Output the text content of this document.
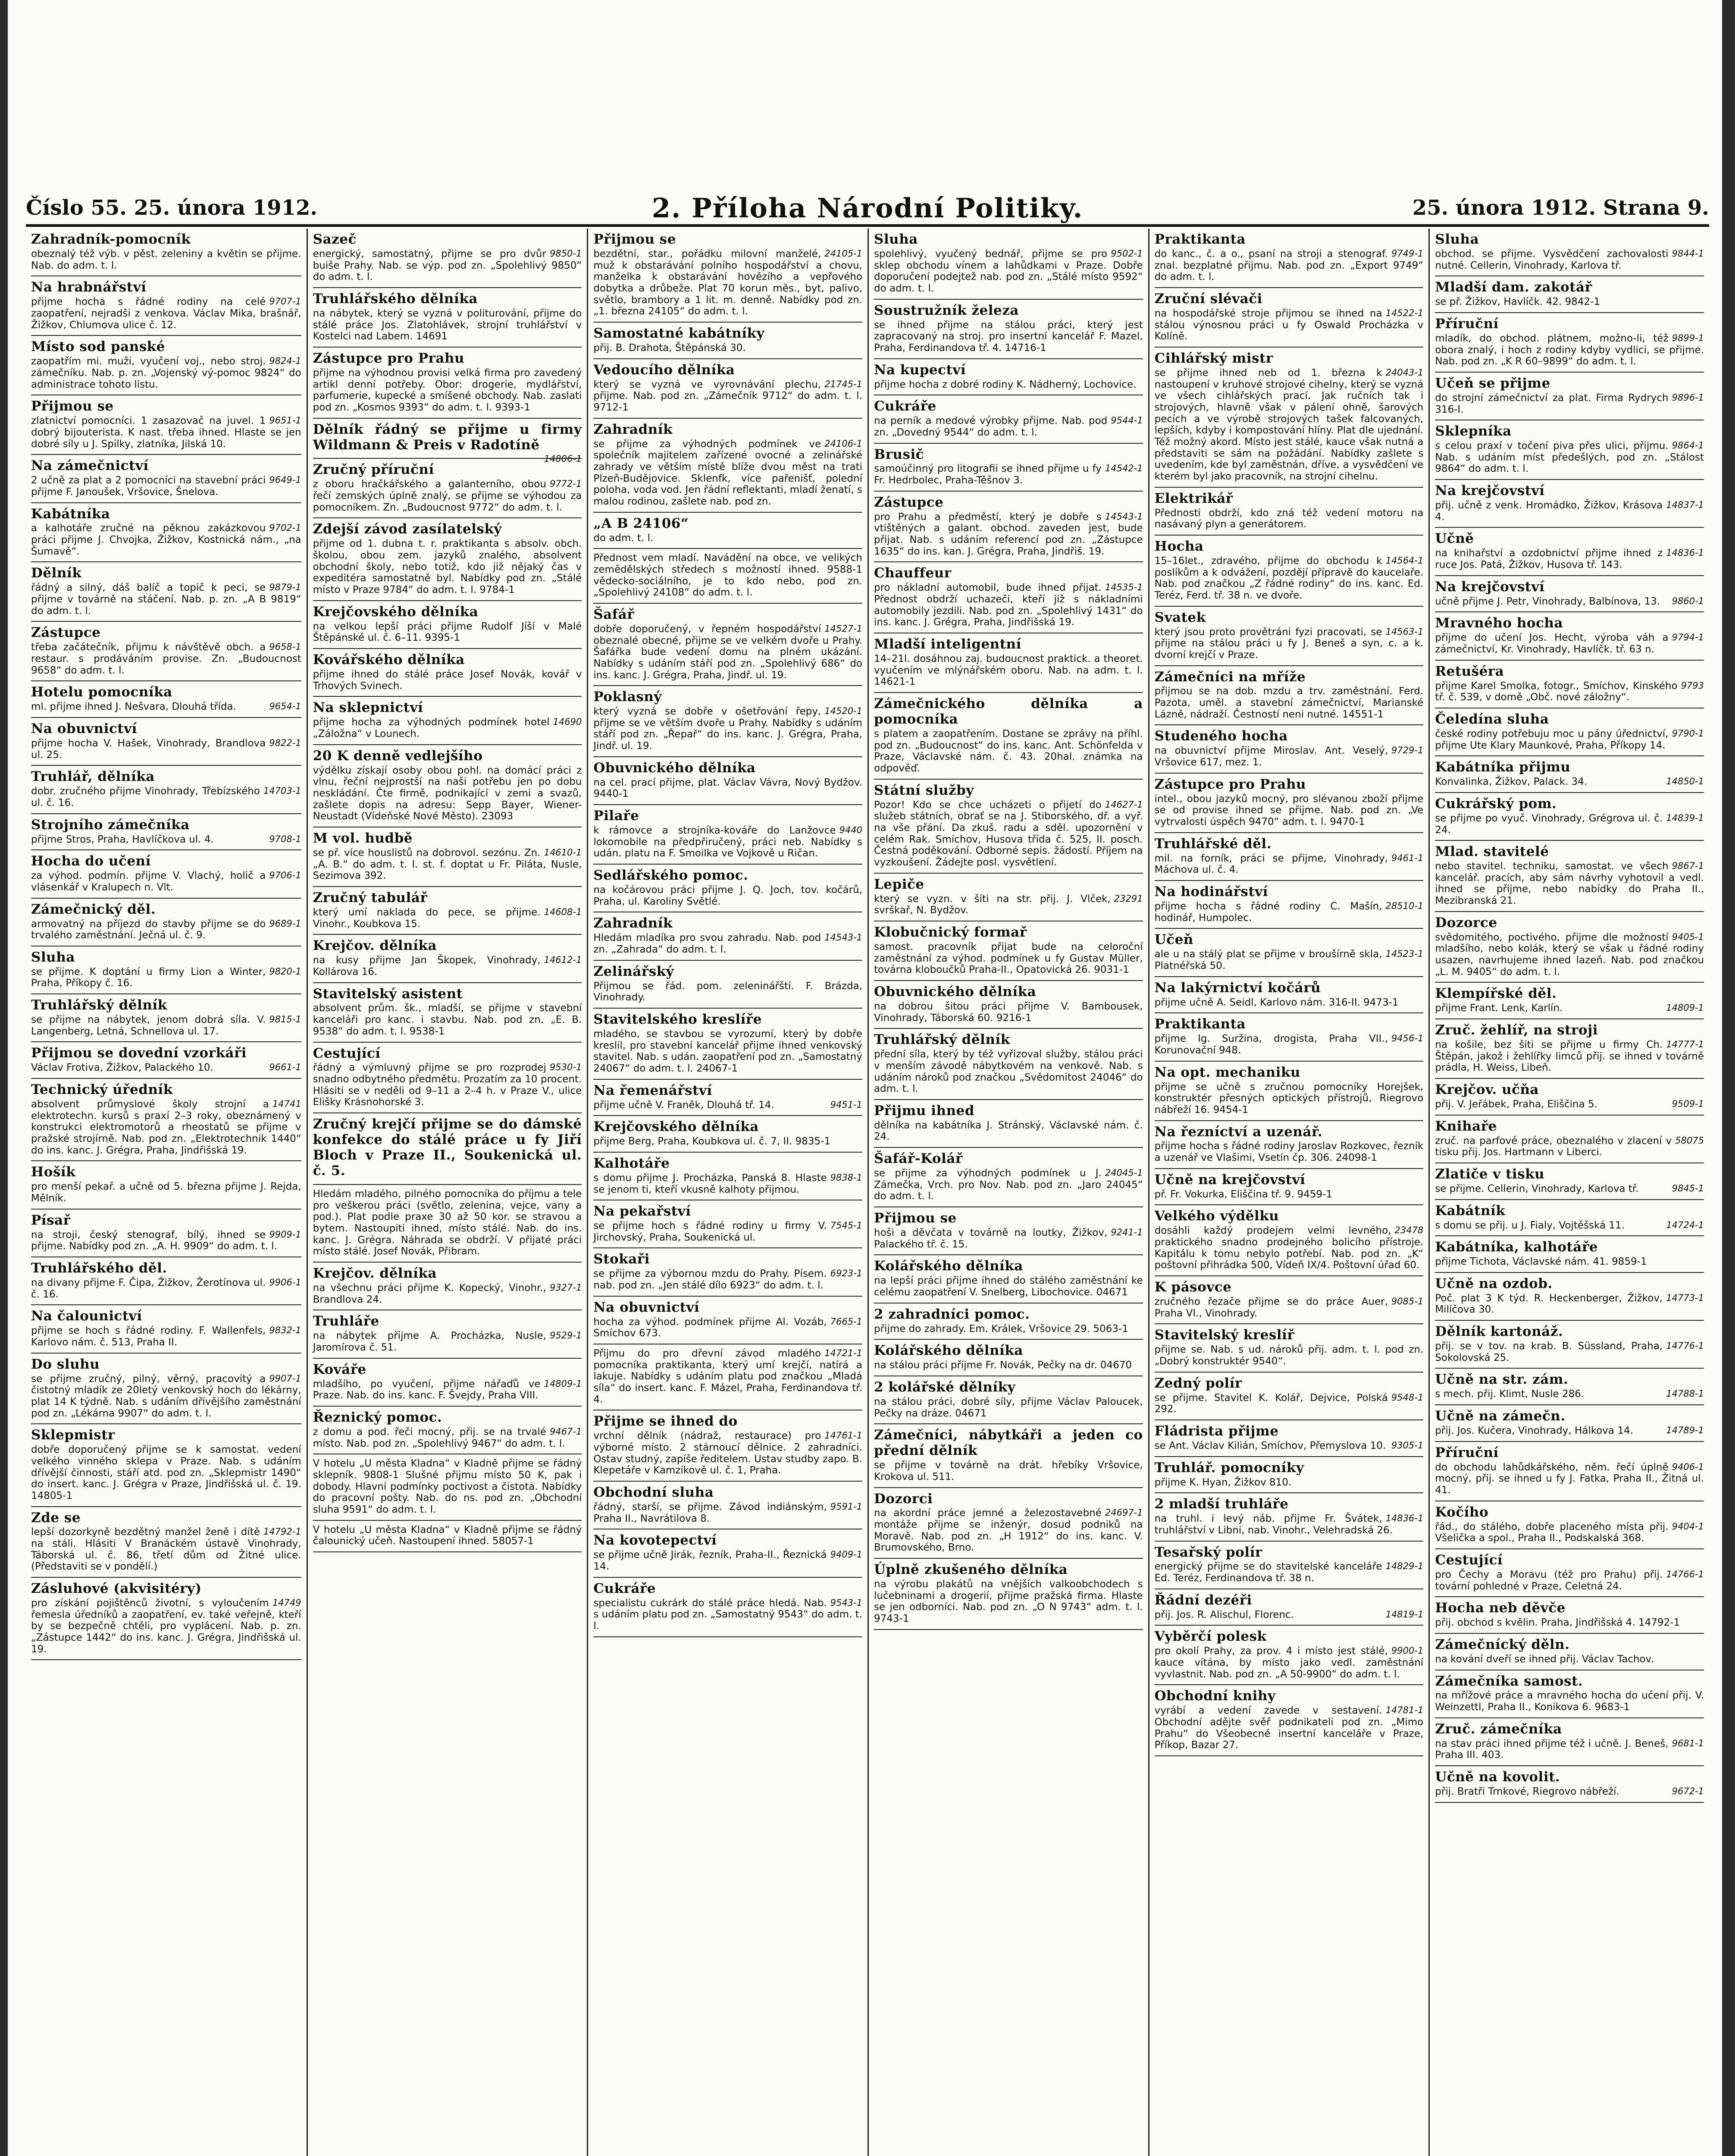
Číslo 55. 25. února 1912.	2. Příloha Národní Politiky.	25. února 1912. Strana 9.
Zahradník-pomocník
obeznalý též výb. v pěst. zeleniny a květin se přijme. Nab. do adm. t. l.
Na hrabnářství
9707-1
přijme hocha s řádné rodiny na celé zaopatření, nejradši z venkova. Václav Mika, brašnář, Žižkov, Chlumova ulice č. 12.
Místo sod panské
9824-1
zaopatřím mi. muži, vyučení voj., nebo stroj. zámečníku. Nab. p. zn. „Vojenský vý-pomoc 9824“ do administrace tohoto listu.
Přijmou se
9651-1
zlatnictví pomocníci. 1 zasazovač na juvel. 1 dobrý bijouterista. K nast. třeba ihned. Hlaste se jen dobré síly u J. Spilky, zlatníka, Jilská 10.
Na zámečnictví
9649-1
2 učně za plat a 2 pomocníci na stavební práci přijme F. Janoušek, Vršovice, Šnelova.
Kabátníka
9702-1
a kalhotáře zručné na pěknou zakázkovou práci přijme J. Chvojka, Žižkov, Kostnická nám., „na Šumavě“.
Dělník
9879-1
řádný a silný, dáš balíč a topič k peci, se přijme v továrně na stáčení. Nab. p. zn. „A B 9819“ do adm. t. l.
Zástupce
9658-1
třeba začátečník, přijmu k návštěvě obch. a restaur. s prodáváním provise. Zn. „Budoucnost 9658“ do adm. t. l.
Hotelu pomocníka
9654-1
ml. přijme ihned J. Nešvara, Dlouhá třída.
Na obuvnictví
9822-1
přijme hocha V. Hašek, Vinohrady, Brandlova ul. 25.
Truhlář, dělníka
14703-1
dobr. zručného přijme Vinohrady, Třebízského ul. č. 16.
Strojního zámečníka
9708-1
přijme Stros, Praha, Havlíčkova ul. 4.
Hocha do učení
9706-1
za výhod. podmín. přijme V. Vlachý, holič a vlásenkář v Kralupech n. Vlt.
Zámečnický děl.
9689-1
armovatný na příjezd do stavby přijme se do trvalého zaměstnání. Ječná ul. č. 9.
Sluha
9820-1
se přijme. K doptání u firmy Lion a Winter, Praha, Příkopy č. 16.
Truhlářský dělník
9815-1
se přijme na nábytek, jenom dobrá síla. V. Langenberg, Letná, Schnellova ul. 17.
Přijmou se dovední vzorkáři
9661-1
Václav Frotiva, Žižkov, Palackého 10.
Technický úředník
14741
absolvent průmyslové školy strojní a elektrotechn. kursů s praxí 2–3 roky, obeznámený v konstrukci elektromotorů a rheostatů se přijme v pražské strojírně. Nab. pod zn. „Elektrotechnik 1440“ do ins. kanc. J. Grégra, Praha, Jindřišská 19.
Hošík
pro menší pekař. a učně od 5. března přijme J. Rejda, Mělník.
Písař
9909-1
na stroji, český stenograf, bílý, ihned se přijme. Nabídky pod zn. „A. H. 9909“ do adm. t. l.
Truhlářského děl.
9906-1
na divany přijme F. Čipa, Žižkov, Žerotínova ul. č. 16.
Na čalounictví
9832-1
přijme se hoch s řádné rodiny. F. Wallenfels, Karlovo nám. č. 513, Praha II.
Do sluhu
9907-1
se přijme zručný, pilný, věrný, pracovitý a čistotný mladík ze 20letý venkovský hoch do lékárny, plat 14 K týdně. Nab. s udáním dřívějšího zaměstnání pod zn. „Lékárna 9907“ do adm. t. l.
Sklepmistr
dobře doporučený přijme se k samostat. vedení velkého vinného sklepa v Praze. Nab. s udáním dřívější činnosti, stáří atd. pod zn. „Sklepmistr 1490“ do insert. kanc. J. Grégra v Praze, Jindřišská ul. č. 19. 14805-1
Zde se
14792-1
lepší dozorkyně bezdětný manžel ženě i dítě na stáli. Hlásiti V Branáckém ústavě Vinohrady, Táborská ul. č. 86, třetí dům od Žitné ulice. (Představiti se v pondělí.)
Zásluhové (akvisitéry)
14749
pro získání pojištěnců životní, s vyloučením řemesla úředníků a zaopatření, ev. také veřejně, kteří by se bezpečně chtěli, pro vyplácení. Nab. p. zn. „Zástupce 1442“ do ins. kanc. J. Grégra, Jindřišská ul. 19.
Sazeč
9850-1
energický, samostatný, přijme se pro dvůr buiše Prahy. Nab. se výp. pod zn. „Spolehlivý 9850“ do adm. t. l.
Truhlářského dělníka
na nábytek, který se vyzná v politurování, přijme do stálé práce Jos. Zlatohlávek, strojní truhlářství v Kostelci nad Labem. 14691
Zástupce pro Prahu
přijme na výhodnou provisi velká firma pro zavedený artikl denní potřeby. Obor: drogerie, mydlářství, parfumerie, kupecké a smíšené obchody. Nab. zaslati pod zn. „Kosmos 9393“ do adm. t. l. 9393-1
Dělník řádný se přijme u firmy Wildmann & Preis v Radotíně
14806-1
Zručný příruční
9772-1
z oboru hračkářského a galanterního, obou řečí zemských úplně znalý, se přijme se výhodou za pomocníkem. Zn. „Budoucnost 9772“ do adm. t. l.
Zdejší závod zasílatelský
přijme od 1. dubna t. r. praktikanta s absolv. obch. školou, obou zem. jazyků znalého, absolvent obchodní školy, nebo totiž, kdo již nějaký čas v expeditéra samostatně byl. Nabídky pod zn. „Stálé místo v Praze 9784“ do adm. t. l. 9784-1
Krejčovského dělníka
na velkou lepší práci přijme Rudolf Jíší v Malé Štěpánské ul. č. 6–11. 9395-1
Kovářského dělníka
přijme ihned do stálé práce Josef Novák, kovář v Trhových Svinech.
Na sklepnictví
14690
přijme hocha za výhodných podmínek hotel „Záložna“ v Lounech.
20 K denně vedlejšího
výdělku získají osoby obou pohl. na domácí práci z vlnu, řeční nejprostší na naši potřebu jen po dobu neskládání. Čte firmě, podnikající v zemi a svazů, zašlete dopis na adresu: Sepp Bayer, Wiener-Neustadt (Vídeňské Nové Město). 23093
M vol. hudbě
14610-1
se př. více houslistů na dobrovol. sezónu. Zn. „A. B.“ do adm. t. l. st. f. doptat u Fr. Piláta, Nusle, Sezimova 392.
Zručný tabulář
14608-1
který umí naklada do pece, se přijme. Vinohr., Koubkova 15.
Krejčov. dělníka
14612-1
na kusy přijme Jan Škopek, Vinohrady, Kollárova 16.
Stavitelský asistent
absolvent prům. šk., mladší, se přijme v stavební kanceláři pro kanc. i stavbu. Nab. pod zn. „E. B. 9538“ do adm. t. l. 9538-1
Cestující
9530-1
řádný a výmluvný přijme se pro rozprodej snadno odbytného předmětu. Prozatím za 10 procent. Hlásiti se v neděli od 9–11 a 2–4 h. v Praze V., ulice Elišky Krásnohorské 3.
Zručný krejčí přijme se do dámské konfekce do stálé práce u fy Jiří Bloch v Praze II., Soukenická ul. č. 5.
Hledám mladého, pilného pomocníka do příjmu a tele pro veškerou práci (světlo, zelenina, vejce, vany a pod.). Plat podle praxe 30 až 50 kor. se stravou a bytem. Nastoupiti ihned, místo stálé. Nab. do ins. kanc. J. Grégra. Náhrada se obdrží. V přijaté práci místo stálé. Josef Novák, Přibram.
Krejčov. dělníka
9327-1
na všechnu práci přijme K. Kopecký, Vinohr., Brandlova 24.
Truhláře
9529-1
na nábytek přijme A. Procházka, Nusle, Jaromírova č. 51.
Kováře
14809-1
mladšího, po vyučení, přijme nářaďů ve Praze. Nab. do ins. kanc. F. Švejdy, Praha VIII.
Řeznický pomoc.
9467-1
z domu a pod. řeči mocný, přij. se na trvalé místo. Nab. pod zn. „Spolehlivý 9467“ do adm. t. l.
V hotelu „U města Kladna“ v Kladně přijme se řádný sklepník. 9808-1 Slušné přijmu místo 50 K, pak i dobody. Hlavní podmínky poctivost a čistota. Nabídky do pracovní pošty. Nab. do ns. pod zn. „Obchodní sluha 9591“ do adm. t. l.
V hotelu „U města Kladna“ v Kladně přijme se řádný čalounický učeň. Nastoupení ihned. 58057-1
Přijmou se
24105-1
bezdětní, star., pořádku milovní manželé, muž k obstarávání polního hospodářství a chovu, manželka k obstarávání hovězího a vepřového dobytka a drůbeže. Plat 70 korun měs., byt, palivo, světlo, brambory a 1 lit. m. denně. Nabídky pod zn. „1. března 24105“ do adm. t. l.
Samostatné kabátníky
přij. B. Drahota, Štěpánská 30.
Vedoucího dělníka
21745-1
který se vyzná ve vyrovnávání plechu, přijme. Nab. pod zn. „Zámečník 9712“ do adm. t. l. 9712-1
Zahradník
24106-1
se přijme za výhodných podmínek ve společník majitelem zařízené ovocné a zelinářské zahrady ve větším místě blíže dvou měst na trati Plzeň-Budějovice. Sklenfk, více pařenišť, polední poloha, voda vod. Jen řádní reflektanti, mladí ženatí, s malou rodinou, zašlete nab. pod zn.
„A B 24106“
do adm. t. l.
Přednost vem mladí. Navádění na obce, ve velikých zemědělských středech s možností ihned. 9588-1 vědecko-sociálního, je to kdo nebo, pod zn. „Spolehlivý 24108“ do adm. t. l.
Šafář
14527-1
dobře doporučený, v řepném hospodářství obeznalé obecné, přijme se ve velkém dvoře u Prahy. Šafářka bude vedení domu na plném ukázání. Nabídky s udáním stáří pod zn. „Spolehlivý 686“ do ins. kanc. J. Grégra, Praha, Jindř. ul. 19.
Poklasný
14520-1
který vyzná se dobře v ošetřování řepy, přijme se ve větším dvoře u Prahy. Nabídky s udáním stáří pod zn. „Řepař“ do ins. kanc. J. Grégra, Praha, Jindř. ul. 19.
Obuvnického dělníka
na cel. prací přijme, plat. Václav Vávra, Nový Bydžov. 9440-1
Pilaře
9440
k rámovce a strojníka-kováře do Lanžovce lokomobile na předpřiručený, práci neb. Nabídky s udán. platu na F. Smoilka ve Vojkově u Ričan.
Sedlářského pomoc.
na kočárovou práci přijme J. Q. Joch, tov. kočárů, Praha, ul. Karoliny Světlé.
Zahradník
14543-1
Hledám mladíka pro svou zahradu. Nab. pod zn. „Zahrada“ do adm. t. l.
Zelinářský
Přijmou se řád. pom. zeleninářští. F. Brázda, Vinohrady.
Stavitelského kreslíře
mladého, se stavbou se vyrozumí, který by dobře kreslil, pro stavební kancelář přijme ihned venkovský stavitel. Nab. s udán. zaopatření pod zn. „Samostatný 24067“ do adm. t. l. 24067-1
Na řemenářství
9451-1
přijme učně V. Franěk, Dlouhá tř. 14.
Krejčovského dělníka
přijme Berg, Praha, Koubkova ul. č. 7, II. 9835-1
Kalhotáře
9838-1
s domu přijme J. Procházka, Panská 8. Hlaste se jenom ti, kteří vkusně kalhoty přijmou.
Na pekařství
7545-1
se přijme hoch s řádné rodiny u firmy V. Jirchovský, Praha, Soukenická ul.
Stokaři
6923-1
se přijme za výbornou mzdu do Prahy. Písem. nab. pod zn. „Jen stálé dílo 6923“ do adm. t. l.
Na obuvnictví
7665-1
hocha za výhod. podmínek přijme Al. Vozáb, Smíchov 673.
14721-1
Přijmu do pro dřevní závod mladého pomocníka praktikanta, který umí krejčí, natírá a lakuje. Nabídky s udáním platu pod značkou „Mladá síla“ do insert. kanc. F. Mázel, Praha, Ferdinandova tř. 4.
Přijme se ihned do
14761-1
vrchní dělník (nádraž, restaurace) pro výborné místo. 2 stárnoucí dělnice. 2 zahradníci. Ostav studný, zapíše ředitelem. Ustav studby zapo. B. Klepetáře v Kamzíkově ul. č. 1, Praha.
Obchodní sluha
9591-1
řádný, starší, se přijme. Závod indiánským, Praha II., Navrátilova 8.
Na kovotepectví
9409-1
se přijme učně Jirák, řezník, Praha-II., Řeznická 14.
Cukráře
9543-1
specialistu cukrárk do stálé práce hledá. Nab. s udáním platu pod zn. „Samostatný 9543“ do adm. t. l.
Sluha
9502-1
spolehlivý, vyučený bednář, přijme se pro sklep obchodu vínem a lahůdkami v Praze. Dobře doporučení podejtež nab. pod zn. „Stálé místo 9592“ do adm. t. l.
Soustružník železa
se ihned přijme na stálou práci, který jest zapracovaný na stroj. pro insertní kancelář F. Mazel, Praha, Ferdinandova tř. 4. 14716-1
Na kupectví
přijme hocha z dobré rodiny K. Nádherný, Lochovice.
Cukráře
9544-1
na perník a medové výrobky přijme. Nab. pod zn. „Dovedný 9544“ do adm. t. l.
Brusič
14542-1
samoúčinný pro litografii se ihned přijme u fy Fr. Hedrbolec, Praha-Těšnov 3.
Zástupce
14543-1
pro Prahu a předměstí, který je dobře s vtištěných a galant. obchod. zaveden jest, bude přijat. Nab. s udáním referencí pod zn. „Zástupce 1635“ do ins. kan. J. Grégra, Praha, Jindřiš. 19.
Chauffeur
14535-1
pro nákladní automobil, bude ihned přijat. Přednost obdrží uchazeči, kteří již s nákladními automobily jezdili. Nab. pod zn. „Spolehlivý 1431“ do ins. kanc. J. Grégra, Praha, Jindřišská 19.
Mladší inteligentní
14–21l. dosáhnou zaj. budoucnost praktick. a theoret. vyučením ve mlýnářském oboru. Nab. na adm. t. l. 14621-1
Zámečnického dělníka a pomocníka
s platem a zaopatřením. Dostane se zprávy na příhl. pod zn. „Budoucnost“ do ins. kanc. Ant. Schönfelda v Praze, Václavské nám. č. 43. 20hal. známka na odpověď.
Státní služby
14627-1
Pozor! Kdo se chce ucházeti o přijetí do služeb státních, obrať se na J. Stiborského, dř. a vyř. na vše přání. Da zkuš. radu a sděl. upozornění v celém Rak. Smíchov, Husova třída č. 525, II. posch. Čestná poděkování. Odborné sepis. žádostí. Příjem na vyzkoušení. Žádejte posl. vysvětlení.
Lepiče
23291
který se vyzn. v šíti na str. přij. J. Vlček, svrškař, N. Bydžov.
Klobučnický formař
samost. pracovník přijat bude na celoroční zaměstnání za výhod. podmínek u fy Gustav Müller, továrna kloboučků Praha-II., Opatovická 26. 9031-1
Obuvnického dělníka
na dobrou šitou práci přijme V. Bambousek, Vinohrady, Táborská 60. 9216-1
Truhlářský dělník
přední síla, který by též vyřizoval služby, stálou práci v menším závodě nábytkovém na venkově. Nab. s udáním nároků pod značkou „Svědomitost 24046“ do adm. t. l.
Přijmu ihned
dělníka na kabátníka J. Stránský, Václavské nám. č. 24.
Šafář-Kolář
24045-1
se přijme za výhodných podmínek u J. Zámečka, Vrch. pro Nov. Nab. pod zn. „Jaro 24045“ do adm. t. l.
Přijmou se
9241-1
hoši a děvčata v továrně na loutky, Žižkov, Palackého tř. č. 15.
Kolářského dělníka
na lepší práci přijme ihned do stálého zaměstnání ke celému zaopatření V. Snelberg, Libochovice. 04671
2 zahradníci pomoc.
přijme do zahrady. Em. Králek, Vršovice 29. 5063-1
Kolářského dělníka
na stálou práci přijme Fr. Novák, Pečky na dr. 04670
2 kolářské dělníky
na stálou práci, dobré síly, přijme Václav Paloucek, Pečky na dráze. 04671
Zámečníci, nábytkáři a jeden co přední dělník
se přijme v továrně na drát. hřebíky Vršovice, Krokova ul. 511.
Dozorci
24697-1
na akordní práce jemné a železostavebné montáže přijme se inženýr, dosud podniků na Moravě. Nab. pod zn. „H 1912“ do ins. kanc. V. Brumovského, Brno.
Úplně zkušeného dělníka
na výrobu plakátů na vnějších valkoobchodech s lučebninami a drogerií, přijme pražská firma. Hlaste se jen odborníci. Nab. pod zn. „O N 9743“ adm. t. l. 9743-1
Praktikanta
9749-1
do kanc., č. a o., psaní na stroji a stenograf. znal. bezplatné přijmu. Nab. pod zn. „Export 9749“ do adm. t. l.
Zruční slévači
14522-1
na hospodářské stroje přijmou se ihned na stálou výnosnou práci u fy Oswald Procházka v Kolíně.
Cihlářský mistr
24043-1
se přijme ihned neb od 1. března k nastoupení v kruhové strojové cihelny, který se vyzná ve všech cihlářských prací. Jak ručních tak i strojových, hlavně však v pálení ohně, šarových pecích a ve výrobě strojových tašek falcovaných, lepších, kdyby i kompostování hlíny. Plat dle ujednání. Též možný akord. Místo jest stálé, kauce však nutná a představiti se sám na požádání. Nabídky zašlete s uvedením, kde byl zaměstnán, dříve, a vysvědčení ve kterém byl jako pracovník, na strojní cihelnu.
Elektrikář
Přednosti obdrží, kdo zná též vedení motoru na nasávaný plyn a generátorem.
Hocha
14564-1
15–16let., zdravého, přijme do obchodu k poslíkům a k odvážení, pozdějí přípravě do kaucelaře. Nab. pod značkou „Z řádné rodiny“ do ins. kanc. Ed. Teréz, Ferd. tř. 38 n. ve dvoře.
Svatek
14563-1
který jsou proto provětráni fyzi pracovati, se přijme na stálou práci u fy J. Beneš a syn, c. a k. dvorní krejčí v Praze.
Zámečníci na mříže
přijmou se na dob. mzdu a trv. zaměstnání. Ferd. Pazota, uměl. a stavební zámečnictví, Marianské Lázně, nádraží. Čestností neni nutné. 14551-1
Studeného hocha
9729-1
na obuvnictví přijme Miroslav. Ant. Veselý, Vršovice 617, mez. 1.
Zástupce pro Prahu
intel., obou jazyků mocný, pro slévanou zboží přijme se od provise ihned se přijme. Nab. pod zn. „Ve vytrvalosti úspěch 9470“ adm. t. l. 9470-1
Truhlářské děl.
9461-1
mil. na forník, práci se přijme, Vinohrady, Máchova ul. č. 4.
Na hodinářství
28510-1
přijme hocha s řádné rodiny C. Mašín, hodinář, Humpolec.
Učeň
14523-1
ale u na stálý plat se přijme v broušírně skla, Platnéřská 50.
Na lakýrnictví kočárů
přijme učně A. Seidl, Karlovo nám. 316-II. 9473-1
Praktikanta
9456-1
přijme Ig. Suržina, drogista, Praha VII., Korunovační 948.
Na opt. mechaniku
přijme se učně s zručnou pomocníky Horejšek, konstruktér přesných optických přístrojů, Riegrovo nábřeží 16. 9454-1
Na řezníctví a uzenář.
přijme hocha s řádné rodiny Jaroslav Rozkovec, řezník a uzenář ve Vlašimi, Vsetín čp. 306. 24098-1
Učně na krejčovství
př. Fr. Vokurka, Eliščina tř. 9. 9459-1
Velkého výdělku
23478
dosáhli každý prodejem velmi levného, praktického snadno prodejného bolicího přístroje. Kapitálu k tomu nebylo potřebí. Nab. pod zn. „K“ poštovní přihrádka 500, Vídeň IX/4. Poštovní úřad 60.
K pásovce
9085-1
zručného řezače přijme se do práce Auer, Praha VI., Vinohrady.
Stavitelský kreslíř
přijme se. Nab. s ud. nároků přij. adm. t. l. pod zn. „Dobrý konstruktér 9540“.
Zedný polír
9548-1
se přijme. Stavitel K. Kolář, Dejvice, Polská 292.
Fládrista přijme
9305-1
se Ant. Václav Kilián, Smíchov, Přemyslova 10.
Truhlář. pomocníky
přijme K. Hyan, Žižkov 810.
2 mladší truhláře
14836-1
na truhl. i levý náb. přijme Fr. Švátek, truhlářství v Libni, nab. Vinohr., Velehradská 26.
Tesařský polír
14829-1
energický přijme se do stavitelské kanceláře Ed. Teréz, Ferdinandova tř. 38 n.
Řádní dezéři
14819-1
přij. Jos. R. Alischul, Florenc.
Vyběrčí polesk
9900-1
pro okolí Prahy, za prov. 4 i místo jest stálé, kauce vítána, by místo jako vedl. zaměstnání vyvlastnit. Nab. pod zn. „A 50-9900“ do adm. t. l.
Obchodní knihy
14781-1
vyrábí a vedení zavede v sestavení. Obchodní adějte svěř podnikateli pod zn. „Mimo Prahu“ do Všeobecné insertní kanceláře v Praze, Příkop, Bazar 27.
Sluha
9844-1
obchod. se přijme. Vysvědčení zachovalosti nutné. Cellerin, Vinohrady, Karlova tř.
Mladší dam. zakotář
se př. Žižkov, Havlíčk. 42. 9842-1
Příruční
9899-1
mladík, do obchod. plátnem, možno-li, též obora znalý, i hoch z rodiny kdyby vydlici, se přijme. Nab. pod zn. „K R 60–9899“ do adm. t. l.
Učeň se přijme
9896-1
do strojní zámečnictví za plat. Firma Rydrych 316-I.
Sklepníka
9864-1
s celou praxí v točení piva přes ulici, přijmu. Nab. s udáním míst předešlých, pod zn. „Stálost 9864“ do adm. t. l.
Na krejčovství
14837-1
přij. učně z venk. Hromádko, Žižkov, Krásova 4.
Učně
14836-1
na knihařství a ozdobnictví přijme ihned z ruce Jos. Patá, Žižkov, Husova tř. 143.
Na krejčovství
9860-1
učně přijme J. Petr, Vinohrady, Balbínova, 13.
Mravného hocha
9794-1
přijme do učení Jos. Hecht, výroba váh a zámečnictví, Kr. Vinohrady, Havlíčk. tř. 63 n.
Retušéra
9793
přijme Karel Smolka, fotogr., Smíchov, Kinského tř. č. 539, v domě „Obč. nové záložny“.
Čeledína sluha
9790-1
české rodiny potřebuju moc u pány úřednictví, přijme Ute Klary Maunkové, Praha, Příkopy 14.
Kabátníka přijmu
14850-1
Konvalinka, Žižkov, Palack. 34.
Cukrářský pom.
14839-1
se přijme po vyuč. Vinohrady, Grégrova ul. č. 24.
Mlad. stavitelé
9867-1
nebo stavitel. techniku, samostat. ve všech kancelář. pracích, aby sám návrhy vyhotovil a vedl. ihned se přijme, nebo nabídky do Praha II., Mezibranská 21.
Dozorce
9405-1
svědomitého, poctivého, přijme dle možností mladšího, nebo kolák, který se však u řádné rodiny usazen, navrhujeme ihned lazeň. Nab. pod značkou „L. M. 9405“ do adm. t. l.
Klempířské děl.
14809-1
přijme Frant. Lenk, Karlín.
Zruč. žehlíř, na stroji
14777-1
na košile, bez šiti se přijme u firmy Ch. Štěpán, jakož i žehlířky limců přij. se ihned v továrně prádla, H. Weiss, Libeň.
Krejčov. učňa
9509-1
přij. V. Jeřábek, Praha, Eliščina 5.
Knihaře
58075
zruč. na parfové práce, obeznalého v zlacení v tisku přij. Jos. Hartmann v Liberci.
Zlatiče v tisku
9845-1
se přijme. Cellerin, Vinohrady, Karlova tř.
Kabátník
14724-1
s domu se přij. u J. Fialy, Vojtěšská 11.
Kabátníka, kalhotáře
přijme Tichota, Václavské nám. 41. 9859-1
Učně na ozdob.
14773-1
Poč. plat 3 K týd. R. Heckenberger, Žižkov, Milíčova 30.
Dělník kartonáž.
14776-1
přij. se v tov. na krab. B. Süssland, Praha, Sokolovská 25.
Učně na str. zám.
14788-1
s mech. přij. Klimt, Nusle 286.
Učně na zámečn.
14789-1
přij. Jos. Kučera, Vinohrady, Hálkova 14.
Příruční
9406-1
do obchodu lahůdkářského, něm. řečí úplně mocný, přij. se ihned u fy J. Fatka, Praha II., Žitná ul. 41.
Kočího
9404-1
řád., do stálého, dobře placeného místa přij. Všelička a spol., Praha II., Podskalská 368.
Cestující
14766-1
pro Čechy a Moravu (též pro Prahu) přij. tovární pohledné v Praze, Celetná 24.
Hocha neb děvče
přij. obchod s kvělin. Praha, Jindřišská 4. 14792-1
Zámečnícký děln.
na kování dveří se ihned přij. Václav Tachov.
Zámečníka samost.
na mřížové práce a mravného hocha do učení přij. V. Weinzettl, Praha II., Konikova 6. 9683-1
Zruč. zámečníka
9681-1
na stav práci ihned přijme též i učně. J. Beneš, Praha III. 403.
Učně na kovolit.
9672-1
přij. Bratři Trnkové, Riegrovo nábřeží.
